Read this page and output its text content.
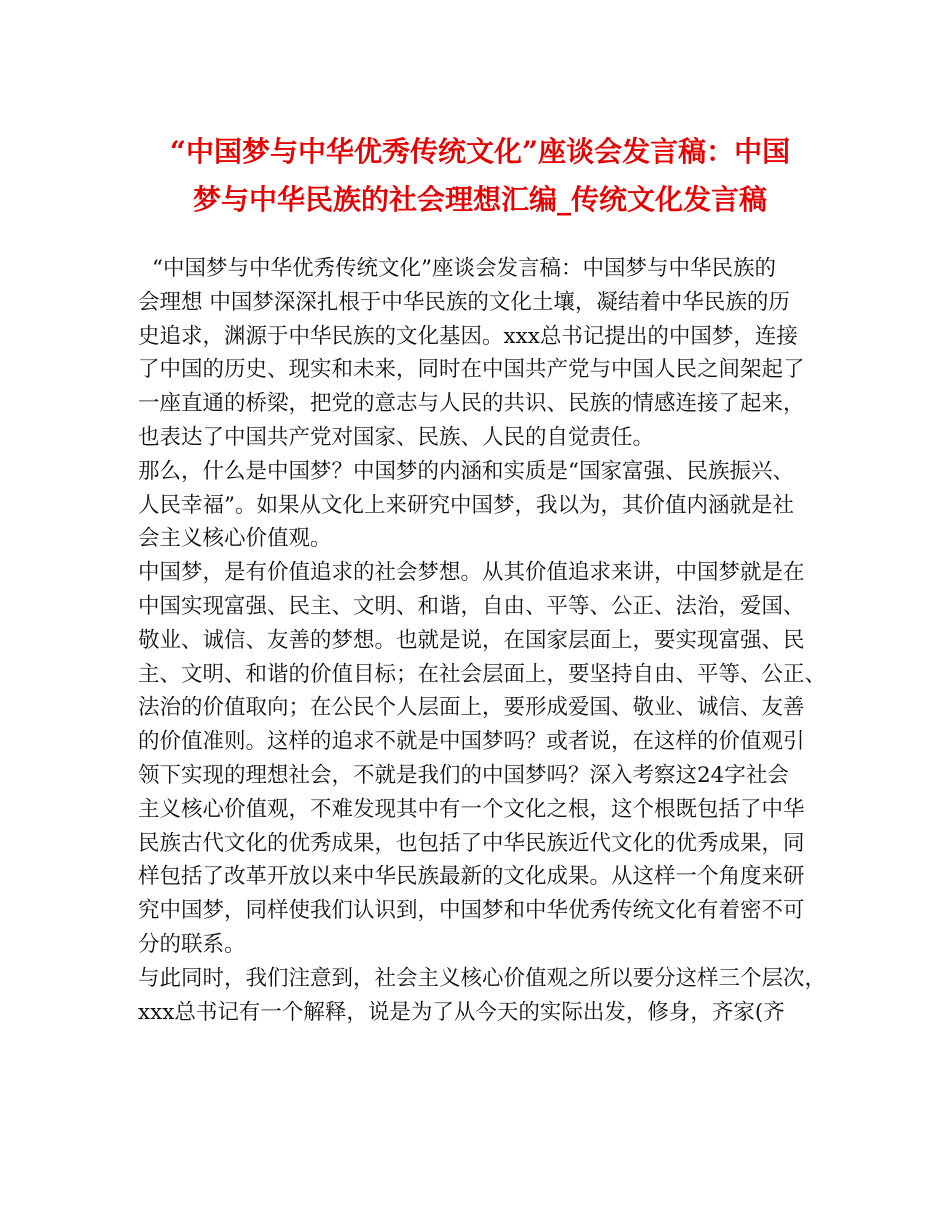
“中国梦与中华优秀传统文化”座谈会发言稿：中国
梦与中华民族的社会理想汇编_传统文化发言稿
“中国梦与中华优秀传统文化”座谈会发言稿：中国梦与中华民族的
会理想 中国梦深深扎根于中华民族的文化土壤，凝结着中华民族的历
史追求，渊源于中华民族的文化基因。xxx总书记提出的中国梦，连接
了中国的历史、现实和未来，同时在中国共产党与中国人民之间架起了
一座直通的桥梁，把党的意志与人民的共识、民族的情感连接了起来，
也表达了中国共产党对国家、民族、人民的自觉责任。
那么，什么是中国梦？中国梦的内涵和实质是“国家富强、民族振兴、
人民幸福”。如果从文化上来研究中国梦，我以为，其价值内涵就是社
会主义核心价值观。
中国梦，是有价值追求的社会梦想。从其价值追求来讲，中国梦就是在
中国实现富强、民主、文明、和谐，自由、平等、公正、法治，爱国、
敬业、诚信、友善的梦想。也就是说，在国家层面上，要实现富强、民
主、文明、和谐的价值目标；在社会层面上，要坚持自由、平等、公正、
法治的价值取向；在公民个人层面上，要形成爱国、敬业、诚信、友善
的价值准则。这样的追求不就是中国梦吗？或者说，在这样的价值观引
领下实现的理想社会，不就是我们的中国梦吗？深入考察这24字社会
主义核心价值观，不难发现其中有一个文化之根，这个根既包括了中华
民族古代文化的优秀成果，也包括了中华民族近代文化的优秀成果，同
样包括了改革开放以来中华民族最新的文化成果。从这样一个角度来研
究中国梦，同样使我们认识到，中国梦和中华优秀传统文化有着密不可
分的联系。
与此同时，我们注意到，社会主义核心价值观之所以要分这样三个层次，
xxx总书记有一个解释，说是为了从今天的实际出发，修身，齐家(齐
